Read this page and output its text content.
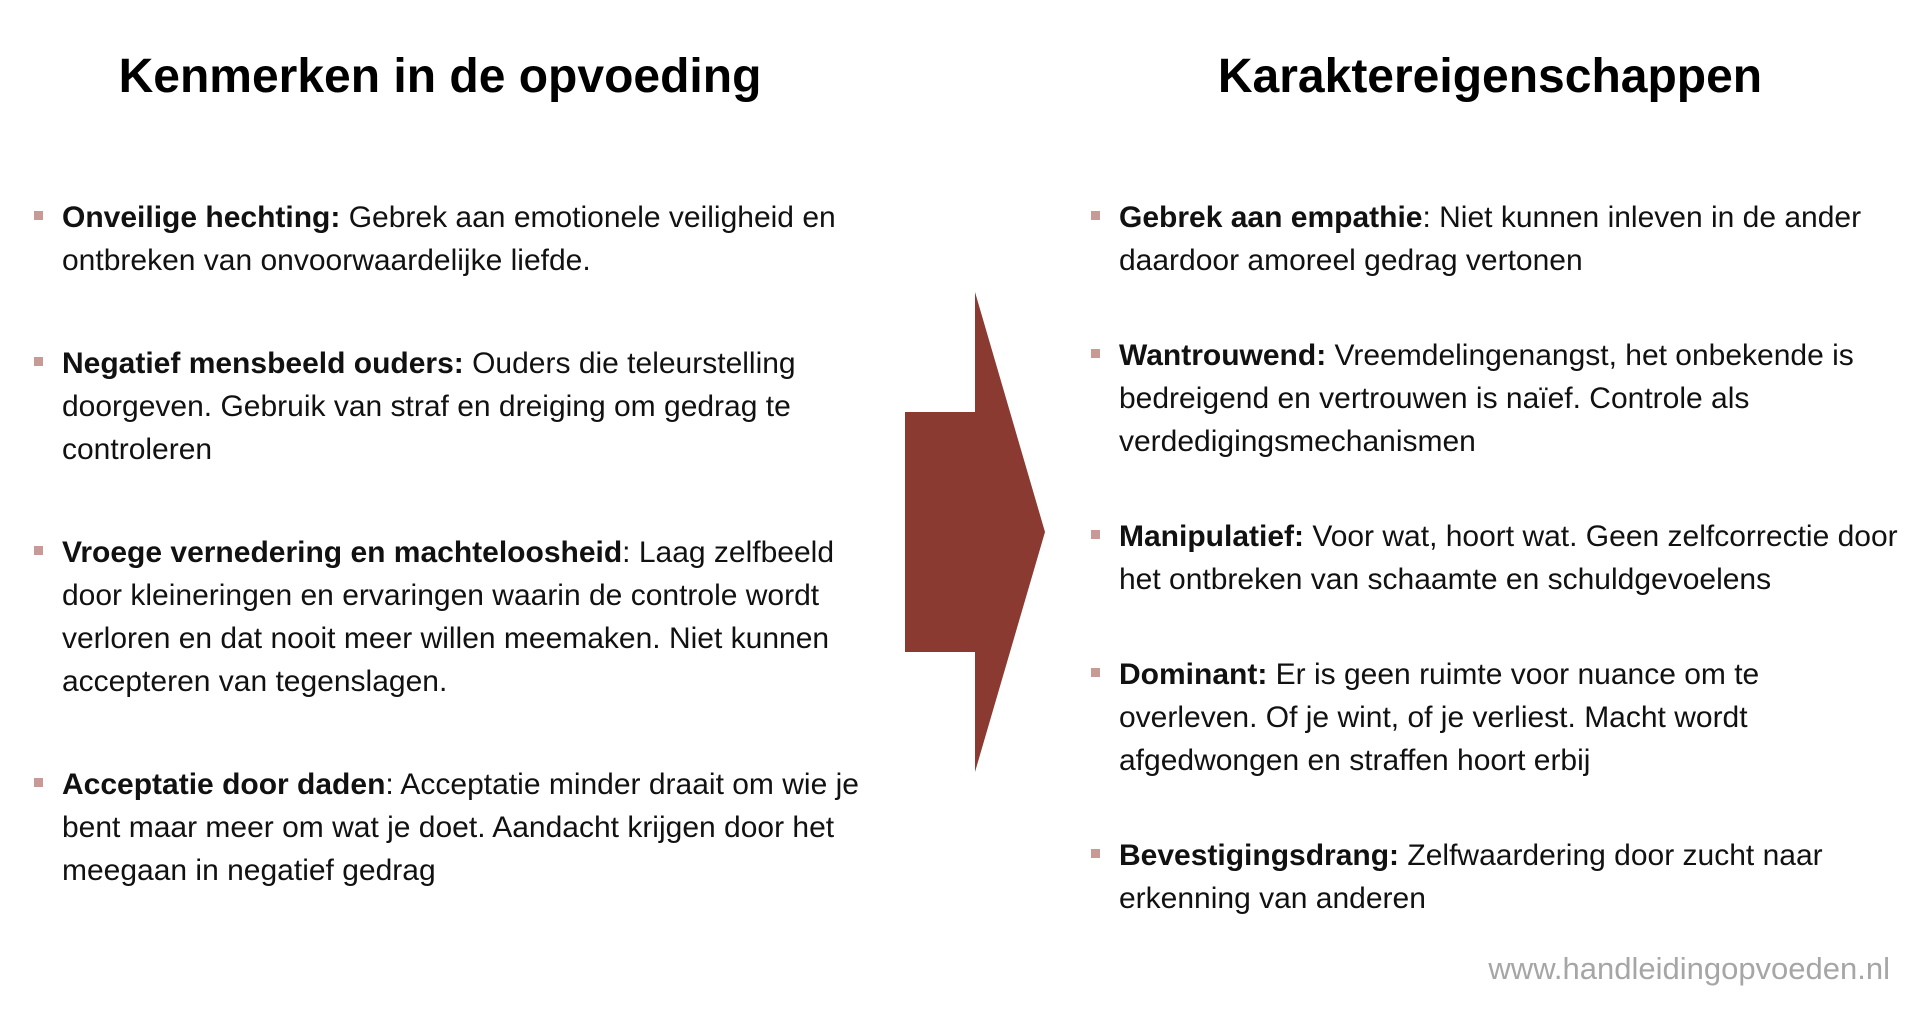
Kenmerken in de opvoeding	Karaktereigenschappen
Onveilige hechting: Gebrek aan emotionele veiligheid en ontbreken van onvoorwaardelijke liefde.
Negatief mensbeeld ouders: Ouders die teleurstelling doorgeven. Gebruik van straf en dreiging om gedrag te controleren
Vroege vernedering en machteloosheid: Laag zelfbeeld door kleineringen en ervaringen waarin de controle wordt verloren en dat nooit meer willen meemaken. Niet kunnen accepteren van tegenslagen.
Acceptatie door daden: Acceptatie minder draait om wie je bent maar meer om wat je doet. Aandacht krijgen door het meegaan in negatief gedrag
Gebrek aan empathie: Niet kunnen inleven in de ander daardoor amoreel gedrag vertonen
Wantrouwend: Vreemdelingenangst, het onbekende is bedreigend en vertrouwen is naïef. Controle als verdedigingsmechanismen
Manipulatief: Voor wat, hoort wat. Geen zelfcorrectie door het ontbreken van schaamte en schuldgevoelens
Dominant: Er is geen ruimte voor nuance om te overleven. Of je wint, of je verliest. Macht wordt afgedwongen en straffen hoort erbij
Bevestigingsdrang: Zelfwaardering door zucht naar erkenning van anderen
www.handleidingopvoeden.nl
